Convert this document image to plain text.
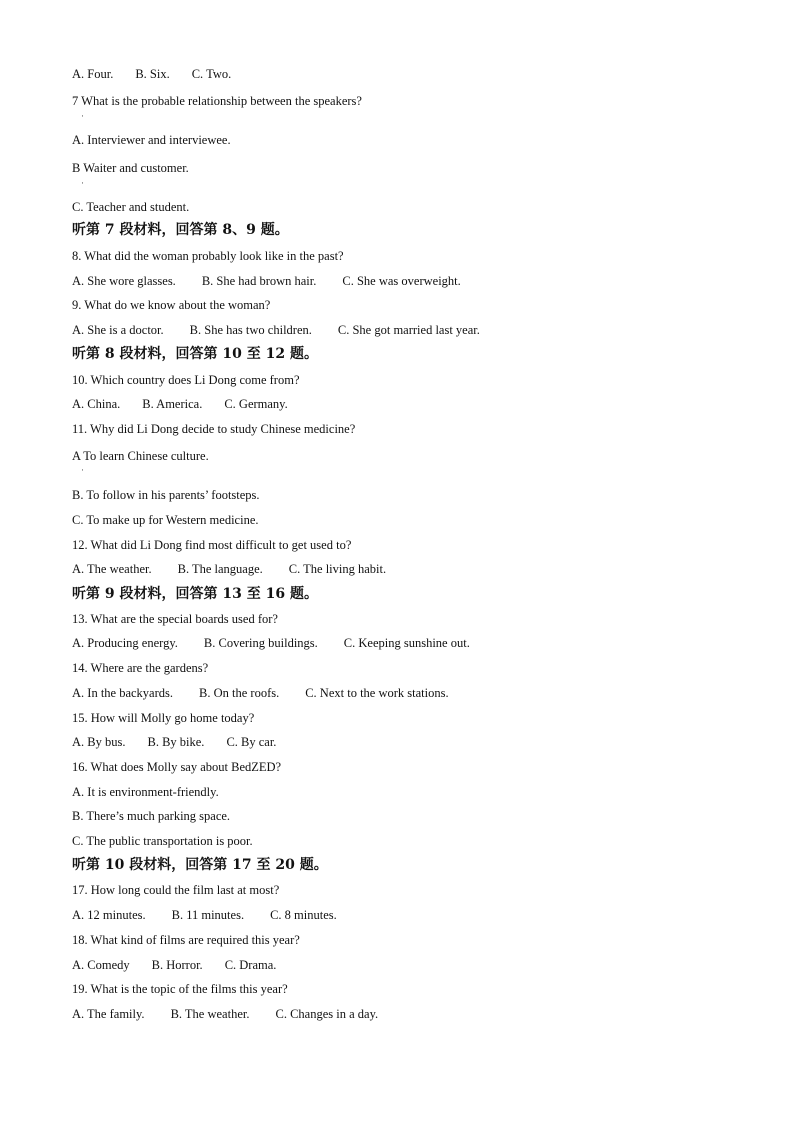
A. Four. B. Six. C. Two.
7 What is the probable relationship between the speakers?
·
A. Interviewer and interviewee.
B Waiter and customer.
·
C. Teacher and student.
听第 7 段材料，回答第 8、9 题。
8. What did the woman probably look like in the past?
A. She wore glasses. B. She had brown hair. C. She was overweight.
9. What do we know about the woman?
A. She is a doctor. B. She has two children. C. She got married last year.
听第 8 段材料，回答第 10 至 12 题。
10. Which country does Li Dong come from?
A. China. B. America. C. Germany.
11. Why did Li Dong decide to study Chinese medicine?
A To learn Chinese culture.
·
B. To follow in his parents’ footsteps.
C. To make up for Western medicine.
12. What did Li Dong find most difficult to get used to?
A. The weather. B. The language. C. The living habit.
听第 9 段材料，回答第 13 至 16 题。
13. What are the special boards used for?
A. Producing energy. B. Covering buildings. C. Keeping sunshine out.
14. Where are the gardens?
A. In the backyards. B. On the roofs. C. Next to the work stations.
15. How will Molly go home today?
A. By bus. B. By bike. C. By car.
16. What does Molly say about BedZED?
A. It is environment-friendly.
B. There’s much parking space.
C. The public transportation is poor.
听第 10 段材料，回答第 17 至 20 题。
17. How long could the film last at most?
A. 12 minutes. B. 11 minutes. C. 8 minutes.
18. What kind of films are required this year?
A. Comedy B. Horror. C. Drama.
19. What is the topic of the films this year?
A. The family. B. The weather. C. Changes in a day.
